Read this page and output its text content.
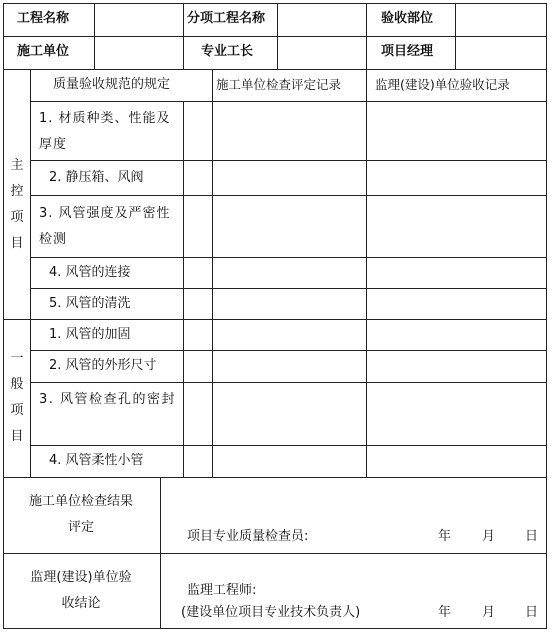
工程名称	分项工程名称	验收部位
施工单位	专业工长	项目经理
质量验收规范的规定	施工单位检查评定记录	监理(建设)单位验收记录
主控项目
1. 材质种类、性能及厚度
2. 静压箱、风阀
3. 风管强度及严密性检测
4. 风管的连接
5. 风管的清洗
一般项目
1. 风管的加固
2. 风管的外形尺寸
3. 风管检查孔的密封
4. 风管柔性小管
施工单位检查结果评定
项目专业质量检查员:	年 月 日
监理(建设)单位验收结论
监理工程师:
(建设单位项目专业技术负责人)	年 月 日
